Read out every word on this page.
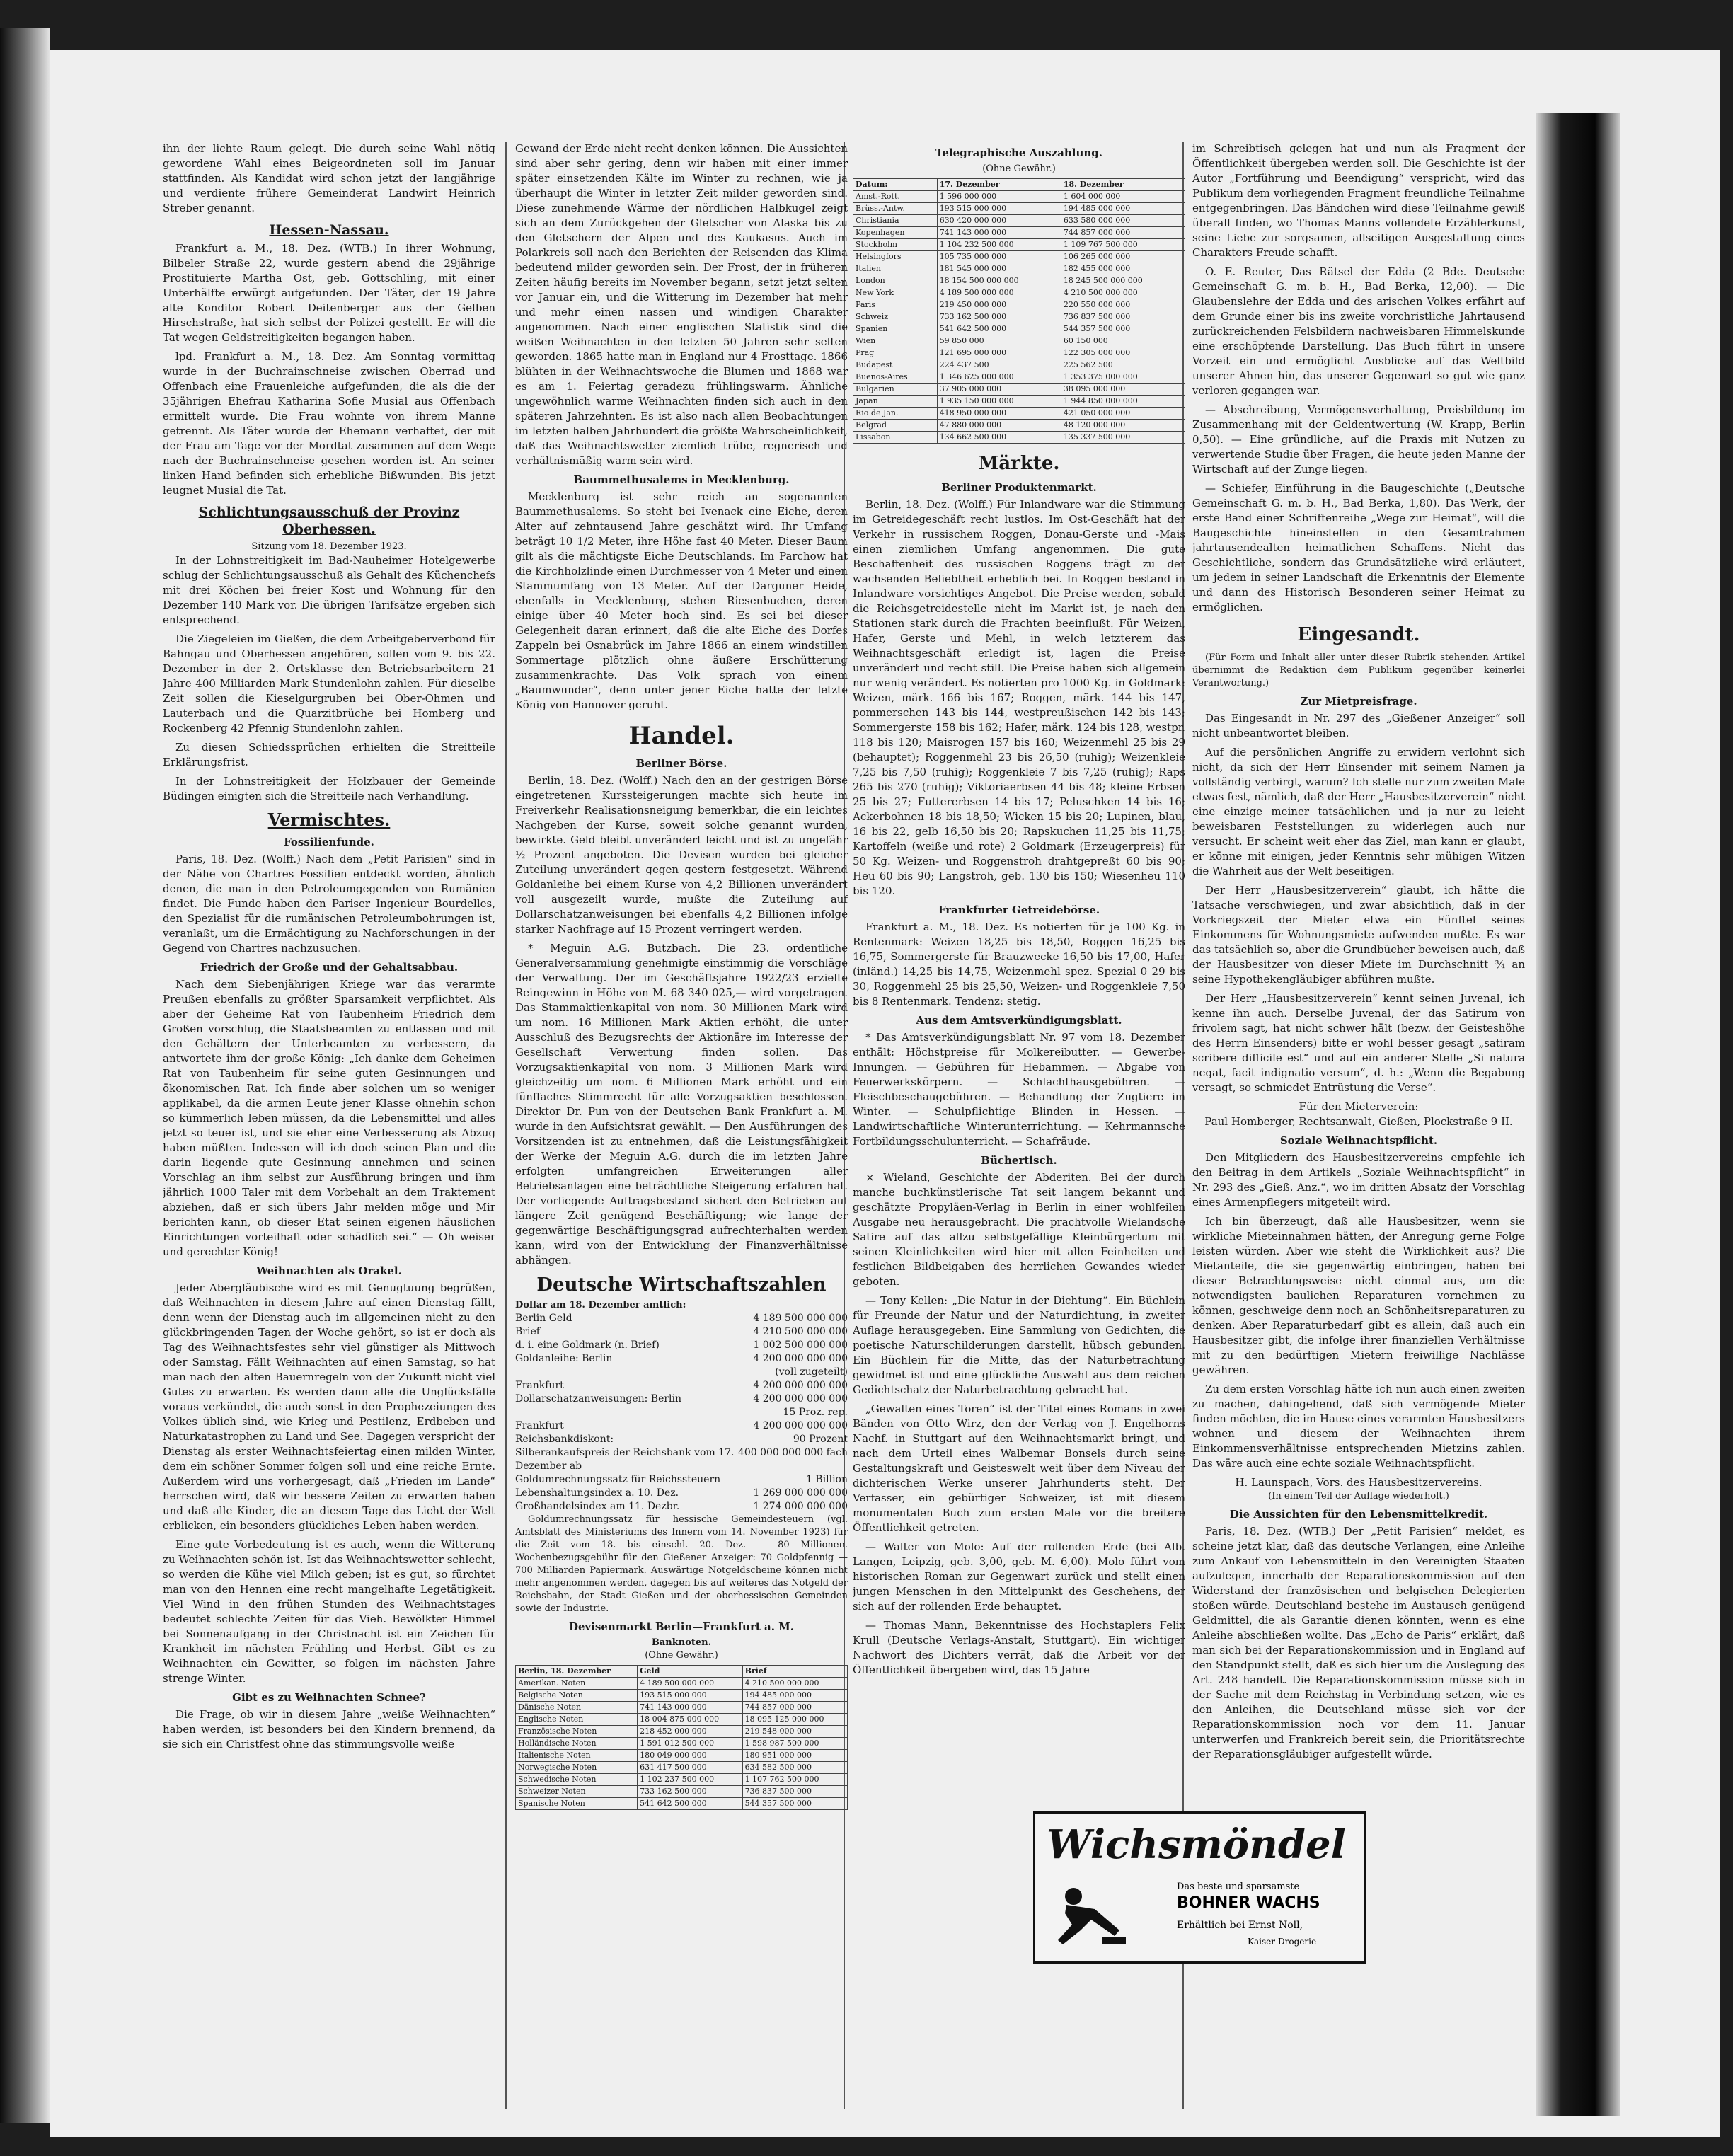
ihn der lichte Raum gelegt. Die durch seine Wahl nötig gewordene Wahl eines Beigeordneten soll im Januar stattfinden. Als Kandidat wird schon jetzt der langjährige und verdiente frühere Gemeinderat Landwirt Heinrich Streber genannt.

Hessen-Nassau.

Frankfurt a. M., 18. Dez. (WTB.) In ihrer Wohnung, Bilbeler Straße 22, wurde gestern abend die 29jährige Prostituierte Martha Ost, geb. Gottschling, mit einer Unterhälfte erwürgt aufgefunden. Der Täter, der 19 Jahre alte Konditor Robert Deitenberger aus der Gelben Hirschstraße, hat sich selbst der Polizei gestellt. Er will die Tat wegen Geldstreitigkeiten begangen haben.

lpd. Frankfurt a. M., 18. Dez. Am Sonntag vormittag wurde in der Buchrainschneise zwischen Oberrad und Offenbach eine Frauenleiche aufgefunden, die als die der 35jährigen Ehefrau Katharina Sofie Musial aus Offenbach ermittelt wurde. Die Frau wohnte von ihrem Manne getrennt. Als Täter wurde der Ehemann verhaftet, der mit der Frau am Tage vor der Mordtat zusammen auf dem Wege nach der Buchrainschneise gesehen worden ist. An seiner linken Hand befinden sich erhebliche Bißwunden. Bis jetzt leugnet Musial die Tat.

Schlichtungsausschuß der Provinz Oberhessen.
Sitzung vom 18. Dezember 1923.

In der Lohnstreitigkeit im Bad-Nauheimer Hotelgewerbe schlug der Schlichtungsausschuß als Gehalt des Küchenchefs mit drei Köchen bei freier Kost und Wohnung für den Dezember 140 Mark vor. Die übrigen Tarifsätze ergeben sich entsprechend.

Die Ziegeleien im Gießen, die dem Arbeitgeberverbond für Bahngau und Oberhessen angehören, sollen vom 9. bis 22. Dezember in der 2. Ortsklasse den Betriebsarbeitern 21 Jahre 400 Milliarden Mark Stundenlohn zahlen. Für dieselbe Zeit sollen die Kieselgurgruben bei Ober-Ohmen und Lauterbach und die Quarzitbrüche bei Homberg und Rockenberg 42 Pfennig Stundenlohn zahlen.

Zu diesen Schiedssprüchen erhielten die Streitteile Erklärungsfrist.

In der Lohnstreitigkeit der Holzbauer der Gemeinde Büdingen einigten sich die Streitteile nach Verhandlung.

Vermischtes.
Fossilienfunde.

Paris, 18. Dez. (Wolff.) Nach dem „Petit Parisien“ sind in der Nähe von Chartres Fossilien entdeckt worden, ähnlich denen, die man in den Petroleumgegenden von Rumänien findet. Die Funde haben den Pariser Ingenieur Bourdelles, den Spezialist für die rumänischen Petroleumbohrungen ist, veranlaßt, um die Ermächtigung zu Nachforschungen in der Gegend von Chartres nachzusuchen.

Friedrich der Große und der Gehaltsabbau.

Nach dem Siebenjährigen Kriege war das verarmte Preußen ebenfalls zu größter Sparsamkeit verpflichtet. Als aber der Geheime Rat von Taubenheim Friedrich dem Großen vorschlug, die Staatsbeamten zu entlassen und mit den Gehältern der Unterbeamten zu verbessern, da antwortete ihm der große König: „Ich danke dem Geheimen Rat von Taubenheim für seine guten Gesinnungen und ökonomischen Rat. Ich finde aber solchen um so weniger applikabel, da die armen Leute jener Klasse ohnehin schon so kümmerlich leben müssen, da die Lebensmittel und alles jetzt so teuer ist, und sie eher eine Verbesserung als Abzug haben müßten. Indessen will ich doch seinen Plan und die darin liegende gute Gesinnung annehmen und seinen Vorschlag an ihm selbst zur Ausführung bringen und ihm jährlich 1000 Taler mit dem Vorbehalt an dem Traktement abziehen, daß er sich übers Jahr melden möge und Mir berichten kann, ob dieser Etat seinen eigenen häuslichen Einrichtungen vorteilhaft oder schädlich sei.“ — Oh weiser und gerechter König!

Weihnachten als Orakel.

Jeder Abergläubische wird es mit Genugtuung begrüßen, daß Weihnachten in diesem Jahre auf einen Dienstag fällt, denn wenn der Dienstag auch im allgemeinen nicht zu den glückbringenden Tagen der Woche gehört, so ist er doch als Tag des Weihnachtsfestes sehr viel günstiger als Mittwoch oder Samstag. Fällt Weihnachten auf einen Samstag, so hat man nach den alten Bauernregeln von der Zukunft nicht viel Gutes zu erwarten. Es werden dann alle die Unglücksfälle voraus verkündet, die auch sonst in den Prophezeiungen des Volkes üblich sind, wie Krieg und Pestilenz, Erdbeben und Naturkatastrophen zu Land und See. Dagegen verspricht der Dienstag als erster Weihnachtsfeiertag einen milden Winter, dem ein schöner Sommer folgen soll und eine reiche Ernte. Außerdem wird uns vorhergesagt, daß „Frieden im Lande“ herrschen wird, daß wir bessere Zeiten zu erwarten haben und daß alle Kinder, die an diesem Tage das Licht der Welt erblicken, ein besonders glückliches Leben haben werden.

Eine gute Vorbedeutung ist es auch, wenn die Witterung zu Weihnachten schön ist. Ist das Weihnachtswetter schlecht, so werden die Kühe viel Milch geben; ist es gut, so fürchtet man von den Hennen eine recht mangelhafte Legetätigkeit. Viel Wind in den frühen Stunden des Weihnachtstages bedeutet schlechte Zeiten für das Vieh. Bewölkter Himmel bei Sonnenaufgang in der Christnacht ist ein Zeichen für Krankheit im nächsten Frühling und Herbst. Gibt es zu Weihnachten ein Gewitter, so folgen im nächsten Jahre strenge Winter.

Gibt es zu Weihnachten Schnee?

Die Frage, ob wir in diesem Jahre „weiße Weihnachten“ haben werden, ist besonders bei den Kindern brennend, da sie sich ein Christfest ohne das stimmungsvolle weiße

Gewand der Erde nicht recht denken können. Die Aussichten sind aber sehr gering, denn wir haben mit einer immer später einsetzenden Kälte im Winter zu rechnen, wie ja überhaupt die Winter in letzter Zeit milder geworden sind. Diese zunehmende Wärme der nördlichen Halbkugel zeigt sich an dem Zurückgehen der Gletscher von Alaska bis zu den Gletschern der Alpen und des Kaukasus. Auch im Polarkreis soll nach den Berichten der Reisenden das Klima bedeutend milder geworden sein. Der Frost, der in früheren Zeiten häufig bereits im November begann, setzt jetzt selten vor Januar ein, und die Witterung im Dezember hat mehr und mehr einen nassen und windigen Charakter angenommen. Nach einer englischen Statistik sind die weißen Weihnachten in den letzten 50 Jahren sehr selten geworden. 1865 hatte man in England nur 4 Frosttage. 1866 blühten in der Weihnachtswoche die Blumen und 1868 war es am 1. Feiertag geradezu frühlingswarm. Ähnliche ungewöhnlich warme Weihnachten finden sich auch in den späteren Jahrzehnten. Es ist also nach allen Beobachtungen im letzten halben Jahrhundert die größte Wahrscheinlichkeit, daß das Weihnachtswetter ziemlich trübe, regnerisch und verhältnismäßig warm sein wird.

Baummethusalems in Mecklenburg.

Mecklenburg ist sehr reich an sogenannten Baummethusalems. So steht bei Ivenack eine Eiche, deren Alter auf zehntausend Jahre geschätzt wird. Ihr Umfang beträgt 10 1/2 Meter, ihre Höhe fast 40 Meter. Dieser Baum gilt als die mächtigste Eiche Deutschlands. Im Parchow hat die Kirchholzlinde einen Durchmesser von 4 Meter und einen Stammumfang von 13 Meter. Auf der Darguner Heide, ebenfalls in Mecklenburg, stehen Riesenbuchen, deren einige über 40 Meter hoch sind. Es sei bei dieser Gelegenheit daran erinnert, daß die alte Eiche des Dorfes Zappeln bei Osnabrück im Jahre 1866 an einem windstillen Sommertage plötzlich ohne äußere Erschütterung zusammenkrachte. Das Volk sprach von einem „Baumwunder“, denn unter jener Eiche hatte der letzte König von Hannover geruht.

Handel.
Berliner Börse.

Berlin, 18. Dez. (Wolff.) Nach den an der gestrigen Börse eingetretenen Kurssteigerungen machte sich heute im Freiverkehr Realisationsneigung bemerkbar, die ein leichtes Nachgeben der Kurse, soweit solche genannt wurden, bewirkte. Geld bleibt unverändert leicht und ist zu ungefähr ½ Prozent angeboten. Die Devisen wurden bei gleicher Zuteilung unverändert gegen gestern festgesetzt. Während Goldanleihe bei einem Kurse von 4,2 Billionen unverändert voll ausgezeilt wurde, mußte die Zuteilung auf Dollarschatzanweisungen bei ebenfalls 4,2 Billionen infolge starker Nachfrage auf 15 Prozent verringert werden.

* Meguin A.G. Butzbach. Die 23. ordentliche Generalversammlung genehmigte einstimmig die Vorschläge der Verwaltung. Der im Geschäftsjahre 1922/23 erzielte Reingewinn in Höhe von M. 68 340 025,— wird vorgetragen. Das Stammaktienkapital von nom. 30 Millionen Mark wird um nom. 16 Millionen Mark Aktien erhöht, die unter Ausschluß des Bezugsrechts der Aktionäre im Interesse der Gesellschaft Verwertung finden sollen. Das Vorzugsaktienkapital von nom. 3 Millionen Mark wird gleichzeitig um nom. 6 Millionen Mark erhöht und ein fünffaches Stimmrecht für alle Vorzugsaktien beschlossen. Direktor Dr. Pun von der Deutschen Bank Frankfurt a. M. wurde in den Aufsichtsrat gewählt. — Den Ausführungen des Vorsitzenden ist zu entnehmen, daß die Leistungsfähigkeit der Werke der Meguin A.G. durch die im letzten Jahre erfolgten umfangreichen Erweiterungen aller Betriebsanlagen eine beträchtliche Steigerung erfahren hat. Der vorliegende Auftragsbestand sichert den Betrieben auf längere Zeit genügend Beschäftigung; wie lange der gegenwärtige Beschäftigungsgrad aufrechterhalten werden kann, wird von der Entwicklung der Finanzverhältnisse abhängen.

Deutsche Wirtschaftszahlen
Dollar am 18. Dezember amtlich:
Berlin Geld	4 189 500 000 000
Brief	4 210 500 000 000
d. i. eine Goldmark (n. Brief)	1 002 500 000 000
Goldanleihe: Berlin	4 200 000 000 000
(voll zugeteilt)
Frankfurt	4 200 000 000 000
Dollarschatzanweisungen: Berlin	4 200 000 000 000
15 Proz. rep.
Frankfurt	4 200 000 000 000
Reichsbankdiskont:	90 Prozent
Silberankaufspreis der Reichsbank vom 17. Dezember ab
400 000 000 000 fach
Goldumrechnungssatz für Reichssteuern	1 Billion
Lebenshaltungsindex a. 10. Dez.	1 269 000 000 000
Großhandelsindex am 11. Dezbr.	1 274 000 000 000

Goldumrechnungssatz für hessische Gemeindesteuern (vgl. Amtsblatt des Ministeriums des Innern vom 14. November 1923) für die Zeit vom 18. bis einschl. 20. Dez. — 80 Millionen. Wochenbezugsgebühr für den Gießener Anzeiger: 70 Goldpfennig — 700 Milliarden Papiermark. Auswärtige Notgeldscheine können nicht mehr angenommen werden, dagegen bis auf weiteres das Notgeld der Reichsbahn, der Stadt Gießen und der oberhessischen Gemeinden sowie der Industrie.

Devisenmarkt Berlin—Frankfurt a. M.
Banknoten.
(Ohne Gewähr.)
Berlin, 18. Dezember	Geld	Brief
Amerikan. Noten	4 189 500 000 000	4 210 500 000 000
Belgische Noten	193 515 000 000	194 485 000 000
Dänische Noten	741 143 000 000	744 857 000 000
Englische Noten	18 004 875 000 000	18 095 125 000 000
Französische Noten	218 452 000 000	219 548 000 000
Holländische Noten	1 591 012 500 000	1 598 987 500 000
Italienische Noten	180 049 000 000	180 951 000 000
Norwegische Noten	631 417 500 000	634 582 500 000
Schwedische Noten	1 102 237 500 000	1 107 762 500 000
Schweizer Noten	733 162 500 000	736 837 500 000
Spanische Noten	541 642 500 000	544 357 500 000
Telegraphische Auszahlung.
(Ohne Gewähr.)
Datum:	17. Dezember	18. Dezember
Amst.-Rott.	1 596 000 000	1 604 000 000
Brüss.-Antw.	193 515 000 000	194 485 000 000
Christiania	630 420 000 000	633 580 000 000
Kopenhagen	741 143 000 000	744 857 000 000
Stockholm	1 104 232 500 000	1 109 767 500 000
Helsingfors	105 735 000 000	106 265 000 000
Italien	181 545 000 000	182 455 000 000
London	18 154 500 000 000	18 245 500 000 000
New York	4 189 500 000 000	4 210 500 000 000
Paris	219 450 000 000	220 550 000 000
Schweiz	733 162 500 000	736 837 500 000
Spanien	541 642 500 000	544 357 500 000
Wien	59 850 000	60 150 000
Prag	121 695 000 000	122 305 000 000
Budapest	224 437 500	225 562 500
Buenos-Aires	1 346 625 000 000	1 353 375 000 000
Bulgarien	37 905 000 000	38 095 000 000
Japan	1 935 150 000 000	1 944 850 000 000
Rio de Jan.	418 950 000 000	421 050 000 000
Belgrad	47 880 000 000	48 120 000 000
Lissabon	134 662 500 000	135 337 500 000
Märkte.
Berliner Produktenmarkt.

Berlin, 18. Dez. (Wolff.) Für Inlandware war die Stimmung im Getreidegeschäft recht lustlos. Im Ost-Geschäft hat der Verkehr in russischem Roggen, Donau-Gerste und -Mais einen ziemlichen Umfang angenommen. Die gute Beschaffenheit des russischen Roggens trägt zu der wachsenden Beliebtheit erheblich bei. In Roggen bestand in Inlandware vorsichtiges Angebot. Die Preise werden, sobald die Reichsgetreidestelle nicht im Markt ist, je nach den Stationen stark durch die Frachten beeinflußt. Für Weizen, Hafer, Gerste und Mehl, in welch letzterem das Weihnachtsgeschäft erledigt ist, lagen die Preise unverändert und recht still. Die Preise haben sich allgemein nur wenig verändert. Es notierten pro 1000 Kg. in Goldmark: Weizen, märk. 166 bis 167; Roggen, märk. 144 bis 147, pommerschen 143 bis 144, westpreußischen 142 bis 143; Sommergerste 158 bis 162; Hafer, märk. 124 bis 128, westpr. 118 bis 120; Maisrogen 157 bis 160; Weizenmehl 25 bis 29 (behauptet); Roggenmehl 23 bis 26,50 (ruhig); Weizenkleie 7,25 bis 7,50 (ruhig); Roggenkleie 7 bis 7,25 (ruhig); Raps 265 bis 270 (ruhig); Viktoriaerbsen 44 bis 48; kleine Erbsen 25 bis 27; Futtererbsen 14 bis 17; Peluschken 14 bis 16; Ackerbohnen 18 bis 18,50; Wicken 15 bis 20; Lupinen, blau, 16 bis 22, gelb 16,50 bis 20; Rapskuchen 11,25 bis 11,75; Kartoffeln (weiße und rote) 2 Goldmark (Erzeugerpreis) für 50 Kg. Weizen- und Roggenstroh drahtgepreßt 60 bis 90; Heu 60 bis 90; Langstroh, geb. 130 bis 150; Wiesenheu 110 bis 120.

Frankfurter Getreidebörse.

Frankfurt a. M., 18. Dez. Es notierten für je 100 Kg. in Rentenmark: Weizen 18,25 bis 18,50, Roggen 16,25 bis 16,75, Sommergerste für Brauzwecke 16,50 bis 17,00, Hafer (inländ.) 14,25 bis 14,75, Weizenmehl spez. Spezial 0 29 bis 30, Roggenmehl 25 bis 25,50, Weizen- und Roggenkleie 7,50 bis 8 Rentenmark. Tendenz: stetig.

Aus dem Amtsverkündigungsblatt.

* Das Amtsverkündigungsblatt Nr. 97 vom 18. Dezember enthält: Höchstpreise für Molkereibutter. — Gewerbe-Innungen. — Gebühren für Hebammen. — Abgabe von Feuerwerkskörpern. — Schlachthausgebühren. — Fleischbeschaugebühren. — Behandlung der Zugtiere im Winter. — Schulpflichtige Blinden in Hessen. — Landwirtschaftliche Winterunterrichtung. — Kehrmannsche Fortbildungsschulunterricht. — Schafräude.

Büchertisch.

× Wieland, Geschichte der Abderiten. Bei der durch manche buchkünstlerische Tat seit langem bekannt und geschätzte Propyläen-Verlag in Berlin in einer wohlfeilen Ausgabe neu herausgebracht. Die prachtvolle Wielandsche Satire auf das allzu selbstgefällige Kleinbürgertum mit seinen Kleinlichkeiten wird hier mit allen Feinheiten und festlichen Bildbeigaben des herrlichen Gewandes wieder geboten.

— Tony Kellen: „Die Natur in der Dichtung“. Ein Büchlein für Freunde der Natur und der Naturdichtung, in zweiter Auflage herausgegeben. Eine Sammlung von Gedichten, die poetische Naturschilderungen darstellt, hübsch gebunden. Ein Büchlein für die Mitte, das der Naturbetrachtung gewidmet ist und eine glückliche Auswahl aus dem reichen Gedichtschatz der Naturbetrachtung gebracht hat.

„Gewalten eines Toren“ ist der Titel eines Romans in zwei Bänden von Otto Wirz, den der Verlag von J. Engelhorns Nachf. in Stuttgart auf den Weihnachtsmarkt bringt, und nach dem Urteil eines Walbemar Bonsels durch seine Gestaltungskraft und Geisteswelt weit über dem Niveau der dichterischen Werke unserer Jahrhunderts steht. Der Verfasser, ein gebürtiger Schweizer, ist mit diesem monumentalen Buch zum ersten Male vor die breitere Öffentlichkeit getreten.

— Walter von Molo: Auf der rollenden Erde (bei Alb. Langen, Leipzig, geb. 3,00, geb. M. 6,00). Molo führt vom historischen Roman zur Gegenwart zurück und stellt einen jungen Menschen in den Mittelpunkt des Geschehens, der sich auf der rollenden Erde behauptet.

— Thomas Mann, Bekenntnisse des Hochstaplers Felix Krull (Deutsche Verlags-Anstalt, Stuttgart). Ein wichtiger Nachwort des Dichters verrät, daß die Arbeit vor der Öffentlichkeit übergeben wird, das 15 Jahre

im Schreibtisch gelegen hat und nun als Fragment der Öffentlichkeit übergeben werden soll. Die Geschichte ist der Autor „Fortführung und Beendigung“ verspricht, wird das Publikum dem vorliegenden Fragment freundliche Teilnahme entgegenbringen. Das Bändchen wird diese Teilnahme gewiß überall finden, wo Thomas Manns vollendete Erzählerkunst, seine Liebe zur sorgsamen, allseitigen Ausgestaltung eines Charakters Freude schafft.

O. E. Reuter, Das Rätsel der Edda (2 Bde. Deutsche Gemeinschaft G. m. b. H., Bad Berka, 12,00). — Die Glaubenslehre der Edda und des arischen Volkes erfährt auf dem Grunde einer bis ins zweite vorchristliche Jahrtausend zurückreichenden Felsbildern nachweisbaren Himmelskunde eine erschöpfende Darstellung. Das Buch führt in unsere Vorzeit ein und ermöglicht Ausblicke auf das Weltbild unserer Ahnen hin, das unserer Gegenwart so gut wie ganz verloren gegangen war.

— Abschreibung, Vermögensverhaltung, Preisbildung im Zusammenhang mit der Geldentwertung (W. Krapp, Berlin 0,50). — Eine gründliche, auf die Praxis mit Nutzen zu verwertende Studie über Fragen, die heute jeden Manne der Wirtschaft auf der Zunge liegen.

— Schiefer, Einführung in die Baugeschichte („Deutsche Gemeinschaft G. m. b. H., Bad Berka, 1,80). Das Werk, der erste Band einer Schriftenreihe „Wege zur Heimat“, will die Baugeschichte hineinstellen in den Gesamtrahmen jahrtausendealten heimatlichen Schaffens. Nicht das Geschichtliche, sondern das Grundsätzliche wird erläutert, um jedem in seiner Landschaft die Erkenntnis der Elemente und dann des Historisch Besonderen seiner Heimat zu ermöglichen.

Eingesandt.

(Für Form und Inhalt aller unter dieser Rubrik stehenden Artikel übernimmt die Redaktion dem Publikum gegenüber keinerlei Verantwortung.)

Zur Mietpreisfrage.

Das Eingesandt in Nr. 297 des „Gießener Anzeiger“ soll nicht unbeantwortet bleiben.

Auf die persönlichen Angriffe zu erwidern verlohnt sich nicht, da sich der Herr Einsender mit seinem Namen ja vollständig verbirgt, warum? Ich stelle nur zum zweiten Male etwas fest, nämlich, daß der Herr „Hausbesitzerverein“ nicht eine einzige meiner tatsächlichen und ja nur zu leicht beweisbaren Feststellungen zu widerlegen auch nur versucht. Er scheint weit eher das Ziel, man kann er glaubt, er könne mit einigen, jeder Kenntnis sehr mühigen Witzen die Wahrheit aus der Welt beseitigen.

Der Herr „Hausbesitzerverein“ glaubt, ich hätte die Tatsache verschwiegen, und zwar absichtlich, daß in der Vorkriegszeit der Mieter etwa ein Fünftel seines Einkommens für Wohnungsmiete aufwenden mußte. Es war das tatsächlich so, aber die Grundbücher beweisen auch, daß der Hausbesitzer von dieser Miete im Durchschnitt ¾ an seine Hypothekengläubiger abführen mußte.

Der Herr „Hausbesitzerverein“ kennt seinen Juvenal, ich kenne ihn auch. Derselbe Juvenal, der das Satirum von frivolem sagt, hat nicht schwer hält (bezw. der Geisteshöhe des Herrn Einsenders) bitte er wohl besser gesagt „satiram scribere difficile est“ und auf ein anderer Stelle „Si natura negat, facit indignatio versum“, d. h.: „Wenn die Begabung versagt, so schmiedet Entrüstung die Verse“.

Für den Mieterverein:
Paul Homberger, Rechtsanwalt, Gießen, Plockstraße 9 II.
Soziale Weihnachtspflicht.

Den Mitgliedern des Hausbesitzervereins empfehle ich den Beitrag in dem Artikels „Soziale Weihnachtspflicht“ in Nr. 293 des „Gieß. Anz.“, wo im dritten Absatz der Vorschlag eines Armenpflegers mitgeteilt wird.

Ich bin überzeugt, daß alle Hausbesitzer, wenn sie wirkliche Mieteinnahmen hätten, der Anregung gerne Folge leisten würden. Aber wie steht die Wirklichkeit aus? Die Mietanteile, die sie gegenwärtig einbringen, haben bei dieser Betrachtungsweise nicht einmal aus, um die notwendigsten baulichen Reparaturen vornehmen zu können, geschweige denn noch an Schönheitsreparaturen zu denken. Aber Reparaturbedarf gibt es allein, daß auch ein Hausbesitzer gibt, die infolge ihrer finanziellen Verhältnisse mit zu den bedürftigen Mietern freiwillige Nachlässe gewähren.

Zu dem ersten Vorschlag hätte ich nun auch einen zweiten zu machen, dahingehend, daß sich vermögende Mieter finden möchten, die im Hause eines verarmten Hausbesitzers wohnen und diesem der Weihnachten ihrem Einkommensverhältnisse entsprechenden Mietzins zahlen. Das wäre auch eine echte soziale Weihnachtspflicht.

H. Launspach, Vors. des Hausbesitzervereins.
(In einem Teil der Auflage wiederholt.)
Die Aussichten für den Lebensmittelkredit.

Paris, 18. Dez. (WTB.) Der „Petit Parisien“ meldet, es scheine jetzt klar, daß das deutsche Verlangen, eine Anleihe zum Ankauf von Lebensmitteln in den Vereinigten Staaten aufzulegen, innerhalb der Reparationskommission auf den Widerstand der französischen und belgischen Delegierten stoßen würde. Deutschland bestehe im Austausch genügend Geldmittel, die als Garantie dienen könnten, wenn es eine Anleihe abschließen wollte. Das „Echo de Paris“ erklärt, daß man sich bei der Reparationskommission und in England auf den Standpunkt stellt, daß es sich hier um die Auslegung des Art. 248 handelt. Die Reparationskommission müsse sich in der Sache mit dem Reichstag in Verbindung setzen, wie es den Anleihen, die Deutschland müsse sich vor der Reparationskommission noch vor dem 11. Januar unterwerfen und Frankreich bereit sein, die Prioritätsrechte der Reparationsgläubiger aufgestellt würde.

Wichsmöndel
Das beste und sparsamste
BOHNER WACHS
Erhältlich bei Ernst Noll,
Kaiser-Drogerie
